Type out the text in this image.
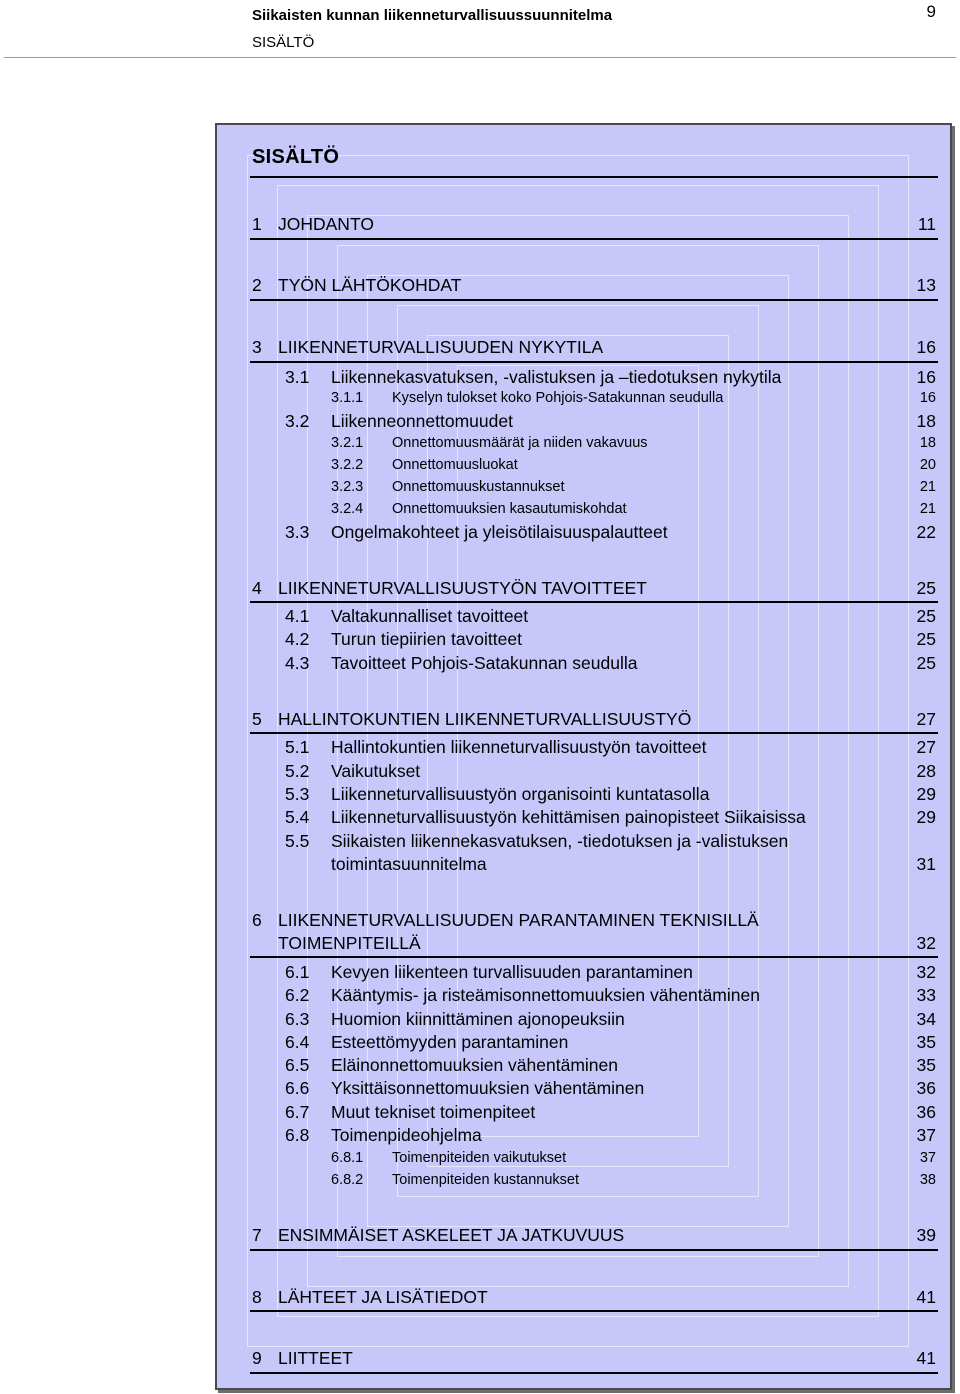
Siikaisten kunnan liikenneturvallisuussuunnitelma
SISÄLTÖ
9
SISÄLTÖ
1 JOHDANTO	11
2 TYÖN LÄHTÖKOHDAT	13
3 LIIKENNETURVALLISUUDEN NYKYTILA	16
3.1 Liikennekasvatuksen, -valistuksen ja –tiedotuksen nykytila	16
3.1.1 Kyselyn tulokset koko Pohjois-Satakunnan seudulla	16
3.2 Liikenneonnettomuudet	18
3.2.1 Onnettomuusmäärät ja niiden vakavuus	18
3.2.2 Onnettomuusluokat	20
3.2.3 Onnettomuuskustannukset	21
3.2.4 Onnettomuuksien kasautumiskohdat	21
3.3 Ongelmakohteet ja yleisötilaisuuspalautteet	22
4 LIIKENNETURVALLISUUSTYÖN TAVOITTEET	25
4.1 Valtakunnalliset tavoitteet	25
4.2 Turun tiepiirien tavoitteet	25
4.3 Tavoitteet Pohjois-Satakunnan seudulla	25
5 HALLINTOKUNTIEN LIIKENNETURVALLISUUSTYÖ	27
5.1 Hallintokuntien liikenneturvallisuustyön tavoitteet	27
5.2 Vaikutukset	28
5.3 Liikenneturvallisuustyön organisointi kuntatasolla	29
5.4 Liikenneturvallisuustyön kehittämisen painopisteet Siikaisissa	29
5.5 Siikaisten liikennekasvatuksen, -tiedotuksen ja -valistuksen
toimintasuunnitelma	31
6 LIIKENNETURVALLISUUDEN PARANTAMINEN TEKNISILLÄ
TOIMENPITEILLÄ	32
6.1 Kevyen liikenteen turvallisuuden parantaminen	32
6.2 Kääntymis- ja risteämisonnettomuuksien vähentäminen	33
6.3 Huomion kiinnittäminen ajonopeuksiin	34
6.4 Esteettömyyden parantaminen	35
6.5 Eläinonnettomuuksien vähentäminen	35
6.6 Yksittäisonnettomuuksien vähentäminen	36
6.7 Muut tekniset toimenpiteet	36
6.8 Toimenpideohjelma	37
6.8.1 Toimenpiteiden vaikutukset	37
6.8.2 Toimenpiteiden kustannukset	38
7 ENSIMMÄISET ASKELEET JA JATKUVUUS	39
8 LÄHTEET JA LISÄTIEDOT	41
9 LIITTEET	41
